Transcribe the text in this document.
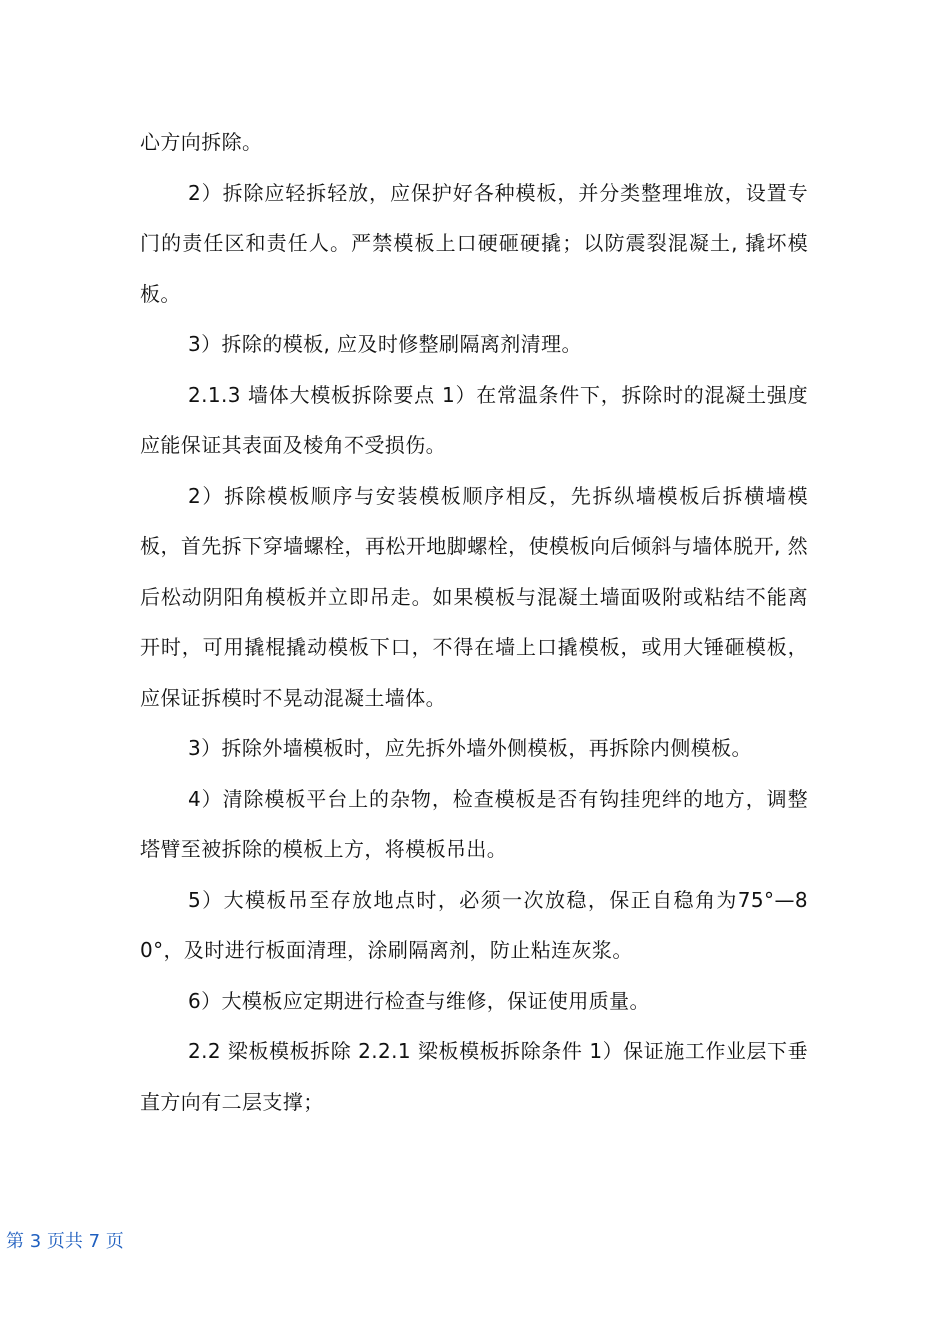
心方向拆除。

2）拆除应轻拆轻放，应保护好各种模板，并分类整理堆放，设置专门的责任区和责任人。严禁模板上口硬砸硬撬；以防震裂混凝土, 撬坏模板。

3）拆除的模板, 应及时修整刷隔离剂清理。

2.1.3 墙体大模板拆除要点 1）在常温条件下，拆除时的混凝土强度应能保证其表面及棱角不受损伤。

2）拆除模板顺序与安装模板顺序相反，先拆纵墙模板后拆横墙模板，首先拆下穿墙螺栓，再松开地脚螺栓，使模板向后倾斜与墙体脱开, 然后松动阴阳角模板并立即吊走。如果模板与混凝土墙面吸附或粘结不能离开时，可用撬棍撬动模板下口，不得在墙上口撬模板，或用大锤砸模板，应保证拆模时不晃动混凝土墙体。

3）拆除外墙模板时，应先拆外墙外侧模板，再拆除内侧模板。

4）清除模板平台上的杂物，检查模板是否有钩挂兜绊的地方，调整塔臂至被拆除的模板上方，将模板吊出。

5）大模板吊至存放地点时，必须一次放稳，保正自稳角为75°—80°，及时进行板面清理，涂刷隔离剂，防止粘连灰浆。

6）大模板应定期进行检查与维修，保证使用质量。

2.2 梁板模板拆除 2.2.1 梁板模板拆除条件 1）保证施工作业层下垂直方向有二层支撑；

第 3 页共 7 页
